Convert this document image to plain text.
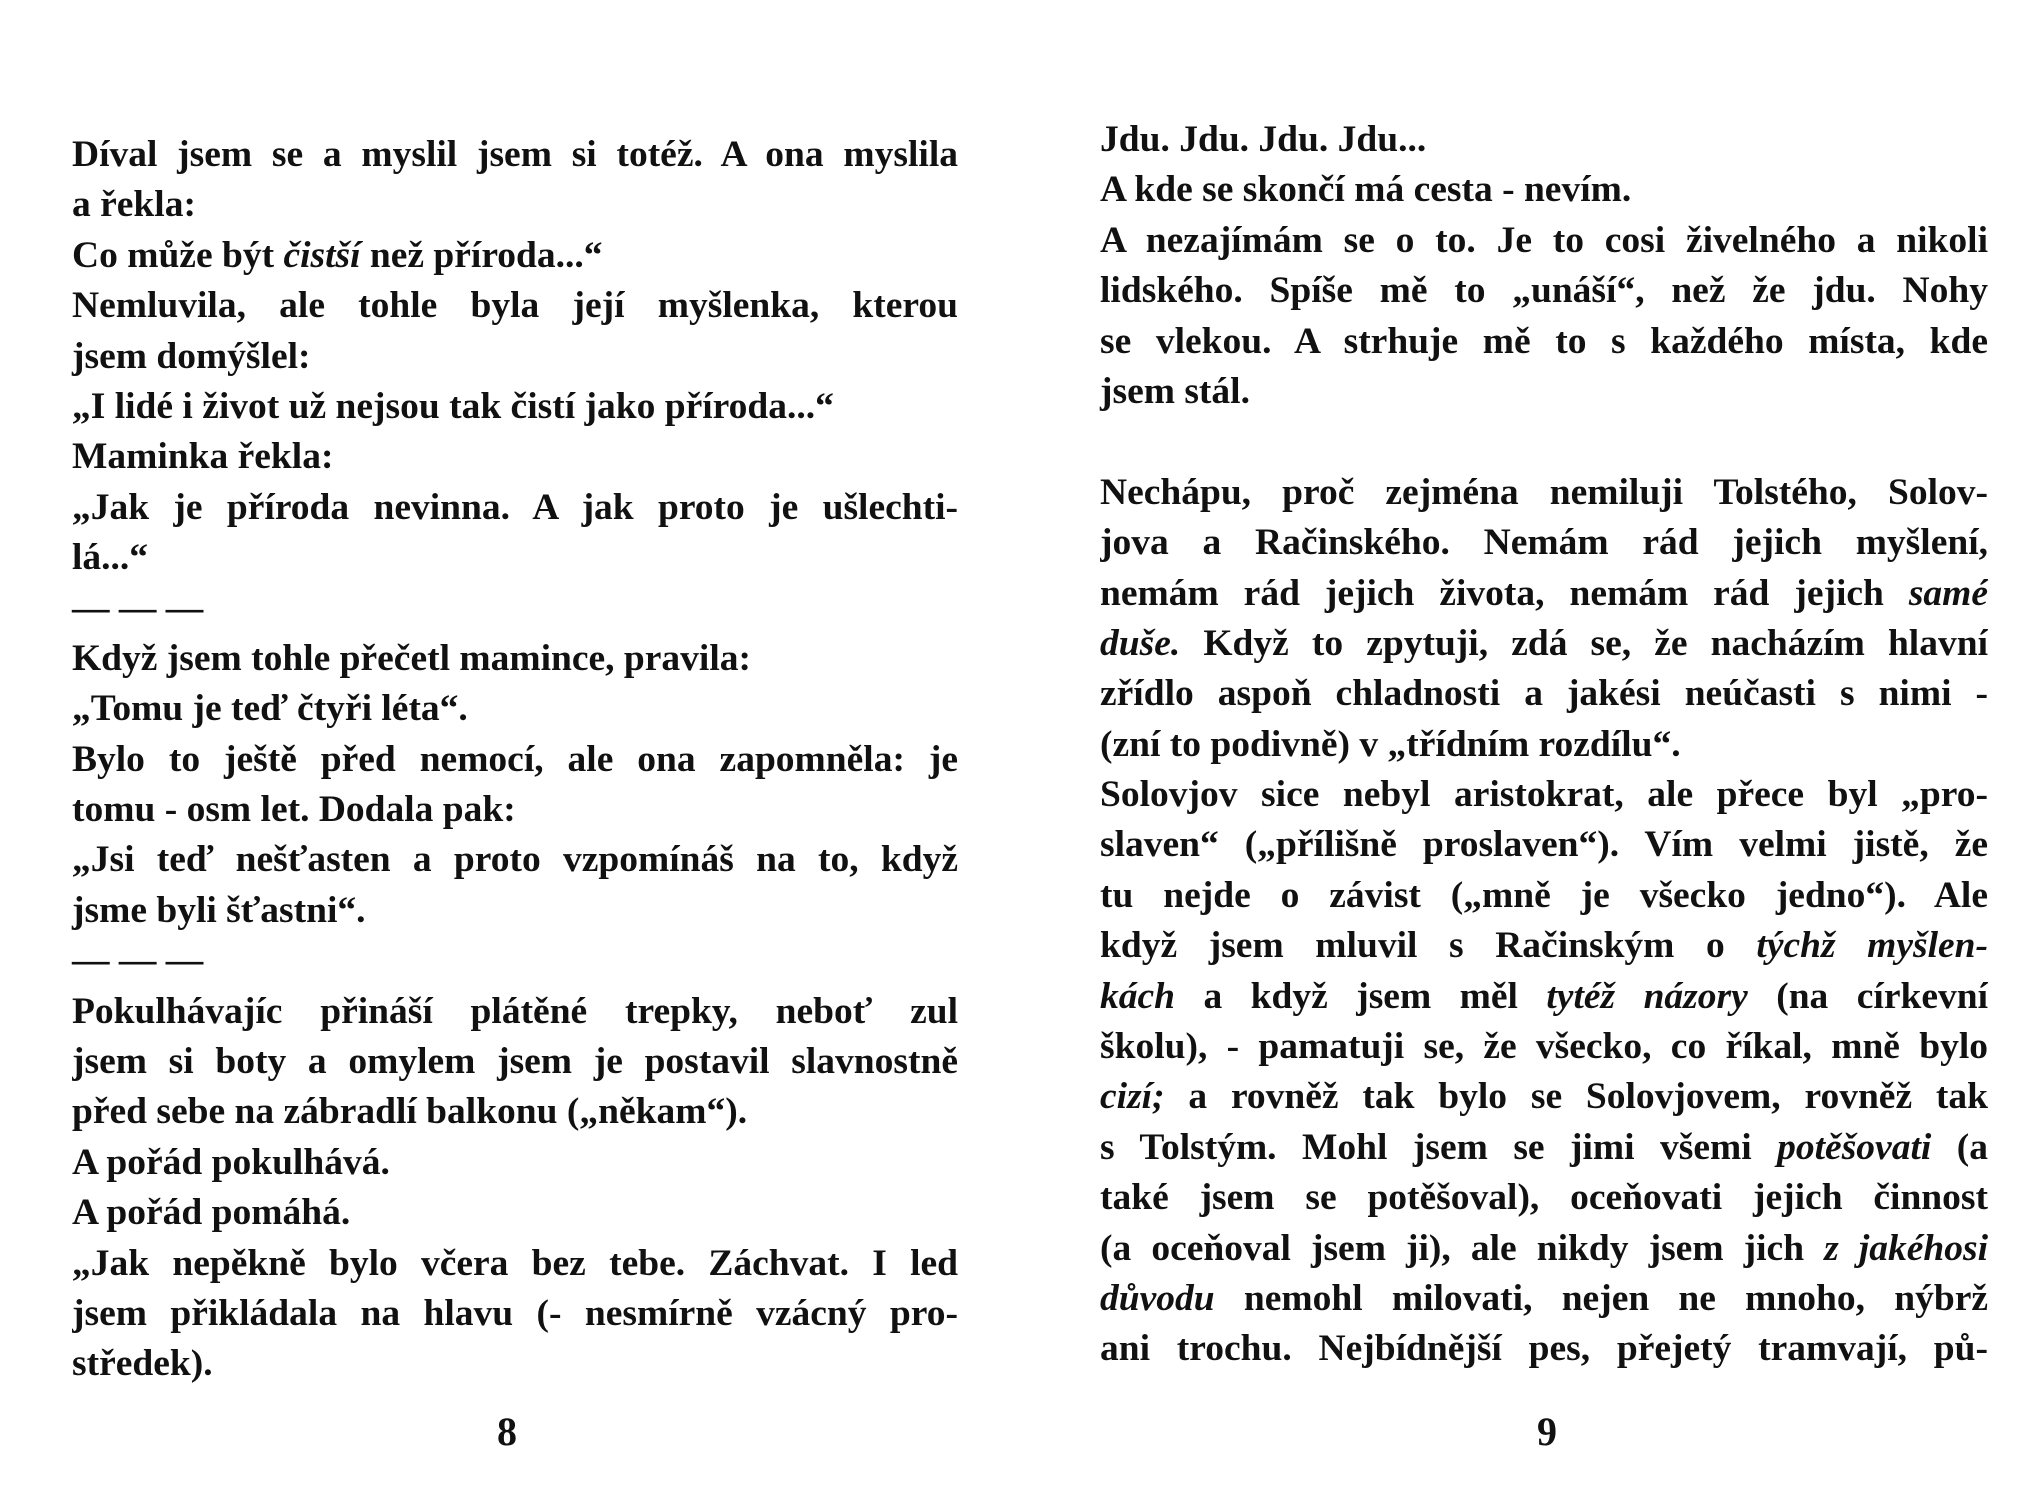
Díval jsem se a myslil jsem si totéž. A ona myslila
a řekla:
Co může být čistší než příroda...“
Nemluvila, ale tohle byla její myšlenka, kterou
jsem domýšlel:
„I lidé i život už nejsou tak čistí jako příroda...“
Maminka řekla:
„Jak je příroda nevinna. A jak proto je ušlechti-
lá...“
— — —
Když jsem tohle přečetl mamince, pravila:
„Tomu je teď čtyři léta“.
Bylo to ještě před nemocí, ale ona zapomněla: je
tomu - osm let. Dodala pak:
„Jsi teď nešťasten a proto vzpomínáš na to, když
jsme byli šťastni“.
— — —
Pokulhávajíc přináší plátěné trepky, neboť zul
jsem si boty a omylem jsem je postavil slavnostně
před sebe na zábradlí balkonu („někam“).
A pořád pokulhává.
A pořád pomáhá.
„Jak nepěkně bylo včera bez tebe. Záchvat. I led
jsem přikládala na hlavu (- nesmírně vzácný pro-
středek).
8
Jdu. Jdu. Jdu. Jdu...
A kde se skončí má cesta - nevím.
A nezajímám se o to. Je to cosi živelného a nikoli
lidského. Spíše mě to „unáší“, než že jdu. Nohy
se vlekou. A strhuje mě to s každého místa, kde
jsem stál.
Nechápu, proč zejména nemiluji Tolstého, Solov-
jova a Račinského. Nemám rád jejich myšlení,
nemám rád jejich života, nemám rád jejich samé
duše. Když to zpytuji, zdá se, že nacházím hlavní
zřídlo aspoň chladnosti a jakési neúčasti s nimi -
(zní to podivně) v „třídním rozdílu“.
Solovjov sice nebyl aristokrat, ale přece byl „pro-
slaven“ („přílišně proslaven“). Vím velmi jistě, že
tu nejde o závist („mně je všecko jedno“). Ale
když jsem mluvil s Račinským o týchž myšlen-
kách a když jsem měl tytéž názory (na církevní
školu), - pamatuji se, že všecko, co říkal, mně bylo
cizí; a rovněž tak bylo se Solovjovem, rovněž tak
s Tolstým. Mohl jsem se jimi všemi potěšovati (a
také jsem se potěšoval), oceňovati jejich činnost
(a oceňoval jsem ji), ale nikdy jsem jich z jakéhosi
důvodu nemohl milovati, nejen ne mnoho, nýbrž
ani trochu. Nejbídnější pes, přejetý tramvají, pů-
9
